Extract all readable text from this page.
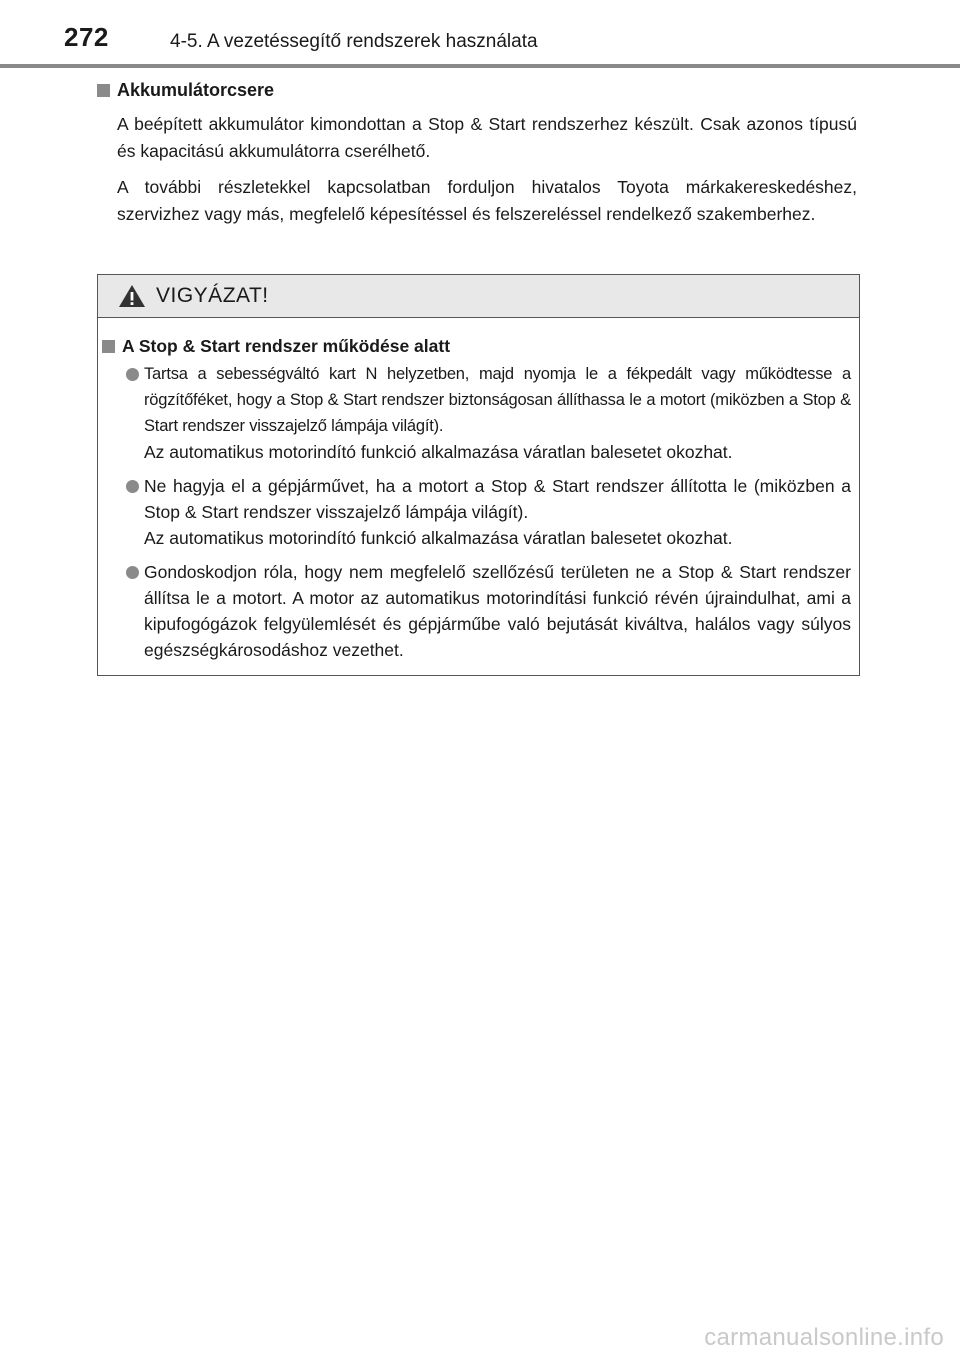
272	4-5. A vezetéssegítő rendszerek használata
Akkumulátorcsere

A beépített akkumulátor kimondottan a Stop & Start rendszerhez készült. Csak azonos típusú és kapacitású akkumulátorra cserélhető.

A további részletekkel kapcsolatban forduljon hivatalos Toyota márkakereskedéshez, szervizhez vagy más, megfelelő képesítéssel és felszereléssel rendelkező szakemberhez.

VIGYÁZAT!
A Stop & Start rendszer működése alatt

Tartsa a sebességváltó kart N helyzetben, majd nyomja le a fékpedált vagy működtesse a rögzítőféket, hogy a Stop & Start rendszer biztonságosan állíthassa le a motort (miközben a Stop & Start rendszer visszajelző lámpája világít).

Az automatikus motorindító funkció alkalmazása váratlan balesetet okozhat.

Ne hagyja el a gépjárművet, ha a motort a Stop & Start rendszer állította le (miközben a Stop & Start rendszer visszajelző lámpája világít).

Az automatikus motorindító funkció alkalmazása váratlan balesetet okozhat.

Gondoskodjon róla, hogy nem megfelelő szellőzésű területen ne a Stop & Start rendszer állítsa le a motort. A motor az automatikus motorindítási funkció révén újraindulhat, ami a kipufogógázok felgyülemlését és gépjárműbe való bejutását kiváltva, halálos vagy súlyos egészségkárosodáshoz vezethet.

carmanualsonline.info
